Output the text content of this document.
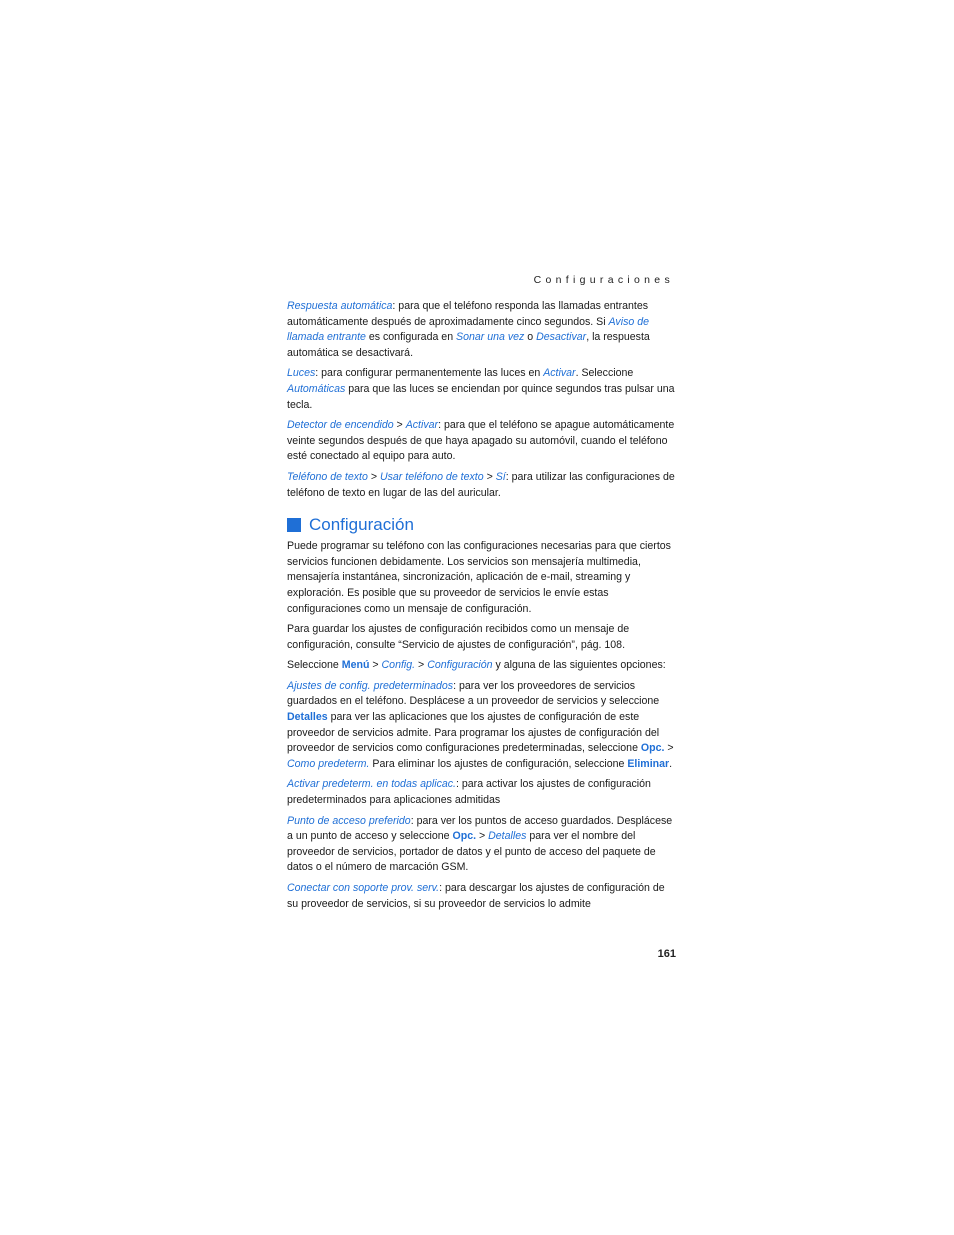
Configuraciones

Respuesta automática: para que el teléfono responda las llamadas entrantes automáticamente después de aproximadamente cinco segundos. Si Aviso de llamada entrante es configurada en Sonar una vez o Desactivar, la respuesta automática se desactivará.

Luces: para configurar permanentemente las luces en Activar. Seleccione Automáticas para que las luces se enciendan por quince segundos tras pulsar una tecla.

Detector de encendido > Activar: para que el teléfono se apague automáticamente veinte segundos después de que haya apagado su automóvil, cuando el teléfono esté conectado al equipo para auto.

Teléfono de texto > Usar teléfono de texto > Sí: para utilizar las configuraciones de teléfono de texto en lugar de las del auricular.

Configuración

Puede programar su teléfono con las configuraciones necesarias para que ciertos servicios funcionen debidamente. Los servicios son mensajería multimedia, mensajería instantánea, sincronización, aplicación de e-mail, streaming y exploración. Es posible que su proveedor de servicios le envíe estas configuraciones como un mensaje de configuración.

Para guardar los ajustes de configuración recibidos como un mensaje de configuración, consulte “Servicio de ajustes de configuración”, pág. 108.

Seleccione Menú > Config. > Configuración y alguna de las siguientes opciones:

Ajustes de config. predeterminados: para ver los proveedores de servicios guardados en el teléfono. Desplácese a un proveedor de servicios y seleccione Detalles para ver las aplicaciones que los ajustes de configuración de este proveedor de servicios admite. Para programar los ajustes de configuración del proveedor de servicios como configuraciones predeterminadas, seleccione Opc. > Como predeterm. Para eliminar los ajustes de configuración, seleccione Eliminar.

Activar predeterm. en todas aplicac.: para activar los ajustes de configuración predeterminados para aplicaciones admitidas

Punto de acceso preferido: para ver los puntos de acceso guardados. Desplácese a un punto de acceso y seleccione Opc. > Detalles para ver el nombre del proveedor de servicios, portador de datos y el punto de acceso del paquete de datos o el número de marcación GSM.

Conectar con soporte prov. serv.: para descargar los ajustes de configuración de su proveedor de servicios, si su proveedor de servicios lo admite

161
